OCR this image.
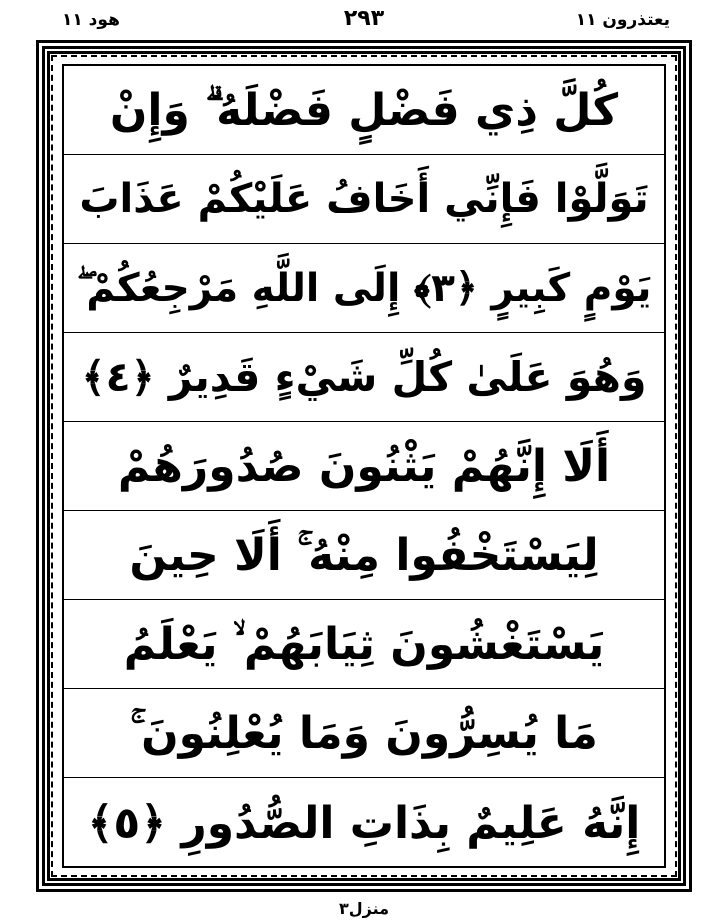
يعتذرون ١١
٢٩٣
هود ١١
كُلَّ ذِي فَضْلٍ فَضْلَهُ ۗ وَإِنْ
تَوَلَّوْا فَإِنِّي أَخَافُ عَلَيْكُمْ عَذَابَ
يَوْمٍ كَبِيرٍ ﴿٣﴾ إِلَى اللَّهِ مَرْجِعُكُمْ ۖ
وَهُوَ عَلَىٰ كُلِّ شَيْءٍ قَدِيرٌ ﴿٤﴾
أَلَا إِنَّهُمْ يَثْنُونَ صُدُورَهُمْ
لِيَسْتَخْفُوا مِنْهُ ۚ أَلَا حِينَ
يَسْتَغْشُونَ ثِيَابَهُمْ ۙ يَعْلَمُ
مَا يُسِرُّونَ وَمَا يُعْلِنُونَ ۚ
إِنَّهُ عَلِيمٌ بِذَاتِ الصُّدُورِ ﴿٥﴾
منزل٣
